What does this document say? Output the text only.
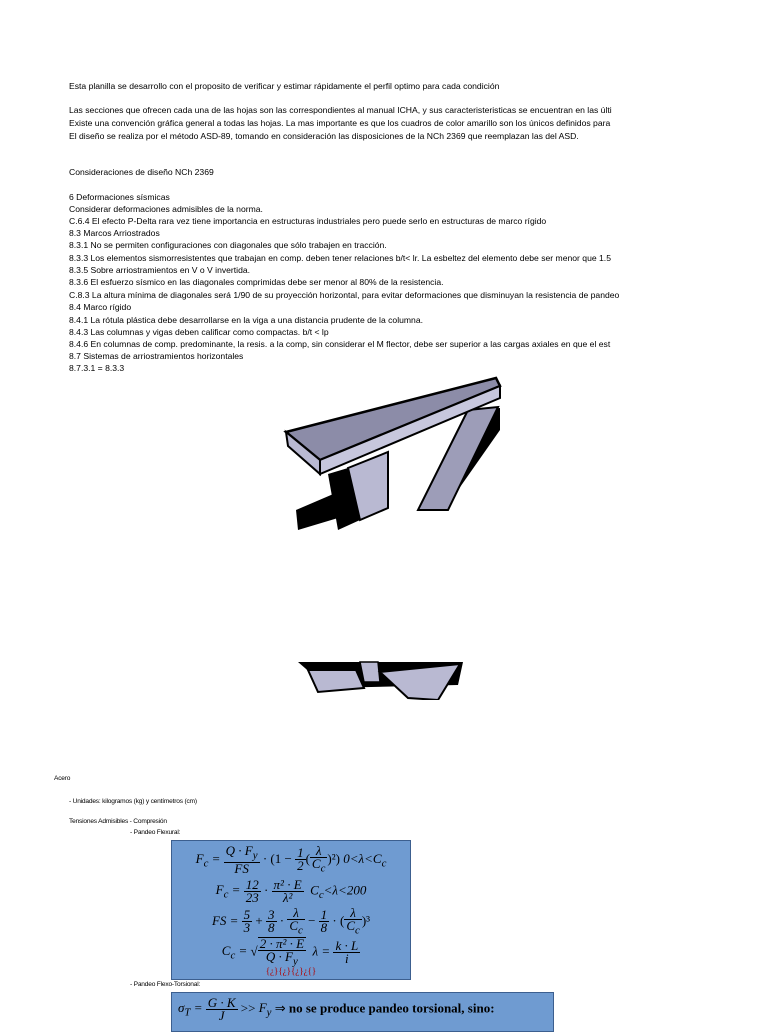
Esta planilla se desarrollo con el proposito de verificar y estimar rápidamente el perfil optimo para cada condición
Las secciones que ofrecen cada una de las hojas son las correspondientes al manual ICHA, y sus caracteristeristicas se encuentran en las últi
Existe una convención gráfica general a todas las hojas. La mas importante es que los cuadros de color amarillo son los únicos definidos para
El diseño se realiza por el método ASD-89, tomando en consideración las disposiciones de la NCh 2369 que reemplazan las del ASD.
Consideraciones de diseño NCh 2369
6 Deformaciones sísmicas
Considerar deformaciones admisibles de la norma.
C.6.4 El efecto P-Delta rara vez tiene importancia en estructuras industriales pero puede serlo en estructuras de marco rígido
8.3 Marcos Arriostrados
8.3.1 No se permiten configuraciones con diagonales que sólo trabajen en tracción.
8.3.3 Los elementos sismorresistentes que trabajan en comp. deben tener relaciones b/t< lr. La esbeltez del elemento debe ser menor que 1.5
8.3.5 Sobre arriostramientos en V o V invertida.
8.3.6 El esfuerzo sísmico en las diagonales comprimidas debe ser menor al 80% de la resistencia.
C.8.3 La altura mínima de diagonales será 1/90 de su proyección horizontal, para evitar deformaciones que disminuyan la resistencia de pandeo
8.4 Marco rígido
8.4.1 La rótula plástica debe desarrollarse en la viga a una distancia prudente de la columna.
8.4.3 Las columnas y vigas deben calificar como compactas. b/t < lp
8.4.6 En columnas de comp. predominante, la resis. a la comp, sin considerar el M flector, debe ser superior a las cargas axiales en que el est
8.7 Sistemas de arriostramientos horizontales
8.7.3.1 = 8.3.3
Acero
- Unidades: kilogramos (kg) y centímetros (cm)
Tensiones Admisibles - Compresión
- Pandeo Flexural:
$F_c = \frac{Q \cdot F_y}{FS} \cdot (1 - \frac{1}{2}$ ( $\frac{\lambda}{C_c} )^2$) $0<\lambda<C_c$
$F_c = \frac{12}{23} \cdot \frac{\text{π² · E}}{\text{λ²}} C_c<\lambda<200$
FS = $\frac{5}{3} + \frac{3}{8} \cdot \frac{\lambda}{C_c} - \frac{1}{8}$ · ( $\frac{\lambda}{C_c} )^3$
$C_c$ = √ $\frac{\text{2 · π² · E}}{Q \cdot F_y}$ $\lambda = \frac{k \cdot L}{i}$
{¿}{¿}{¿}¿{}
- Pandeo Flexo-Torsional:
$\sigma_T = \frac{G \cdot K}{J} >> F_y$ ⇒ no se produce pandeo torsional, sino:
